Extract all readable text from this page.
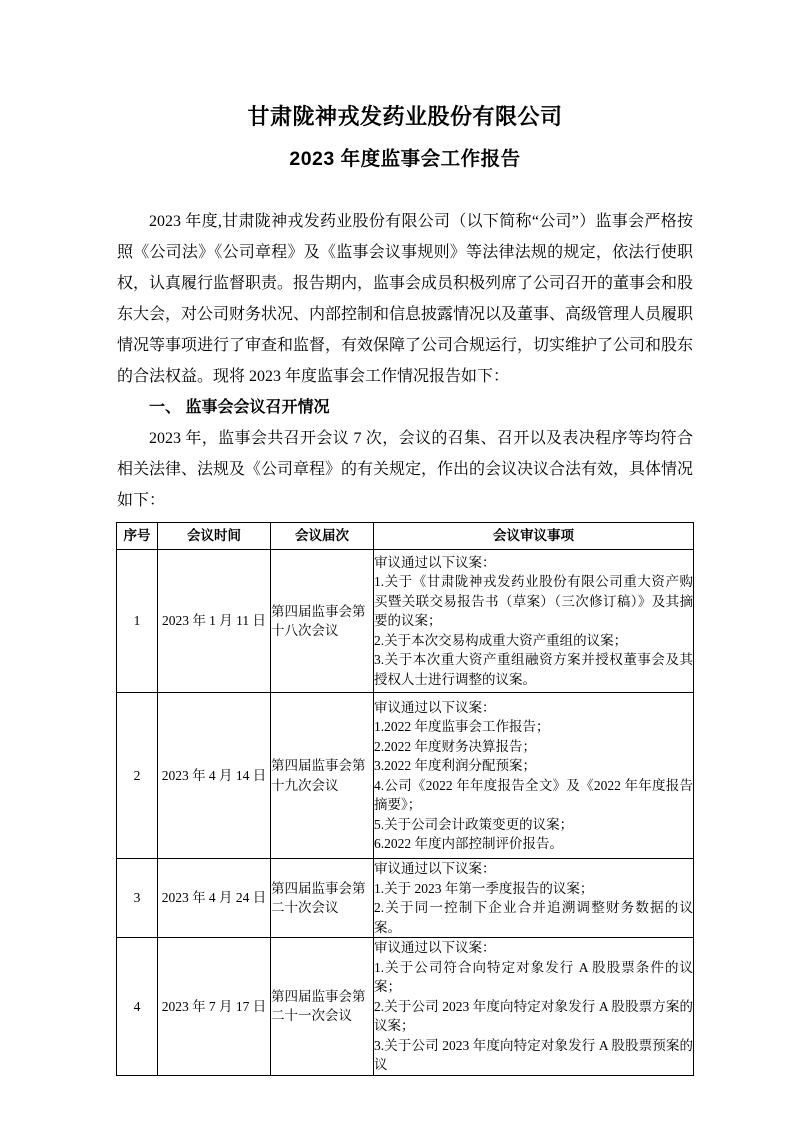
甘肃陇神戎发药业股份有限公司
2023 年度监事会工作报告

2023 年度,甘肃陇神戎发药业股份有限公司（以下简称“公司”）监事会严格按照《公司法》《公司章程》及《监事会议事规则》等法律法规的规定，依法行使职权，认真履行监督职责。报告期内，监事会成员积极列席了公司召开的董事会和股东大会，对公司财务状况、内部控制和信息披露情况以及董事、高级管理人员履职情况等事项进行了审查和监督，有效保障了公司合规运行，切实维护了公司和股东的合法权益。现将 2023 年度监事会工作情况报告如下：

一、 监事会会议召开情况

2023 年，监事会共召开会议 7 次，会议的召集、召开以及表决程序等均符合相关法律、法规及《公司章程》的有关规定，作出的会议决议合法有效，具体情况如下：

序号	会议时间	会议届次	会议审议事项
1	2023 年 1 月 11 日	第四届监事会第十八次会议	审议通过以下议案：
1.关于《甘肃陇神戎发药业股份有限公司重大资产购买暨关联交易报告书（草案）（三次修订稿）》及其摘要的议案；
2.关于本次交易构成重大资产重组的议案；
3.关于本次重大资产重组融资方案并授权董事会及其授权人士进行调整的议案。

2	2023 年 4 月 14 日	第四届监事会第十九次会议	
审议通过以下议案：
1.2022 年度监事会工作报告；
2.2022 年度财务决算报告；
3.2022 年度利润分配预案；
4.公司《2022 年年度报告全文》及《2022 年年度报告摘要》；
5.关于公司会计政策变更的议案；
6.2022 年度内部控制评价报告。

3	2023 年 4 月 24 日	第四届监事会第二十次会议	审议通过以下议案：
1.关于 2023 年第一季度报告的议案；
2.关于同一控制下企业合并追溯调整财务数据的议案。

4	2023 年 7 月 17 日	第四届监事会第二十一次会议	审议通过以下议案：
1.关于公司符合向特定对象发行 A 股股票条件的议案；
2.关于公司 2023 年度向特定对象发行 A 股股票方案的议案；
3.关于公司 2023 年度向特定对象发行 A 股股票预案的议
